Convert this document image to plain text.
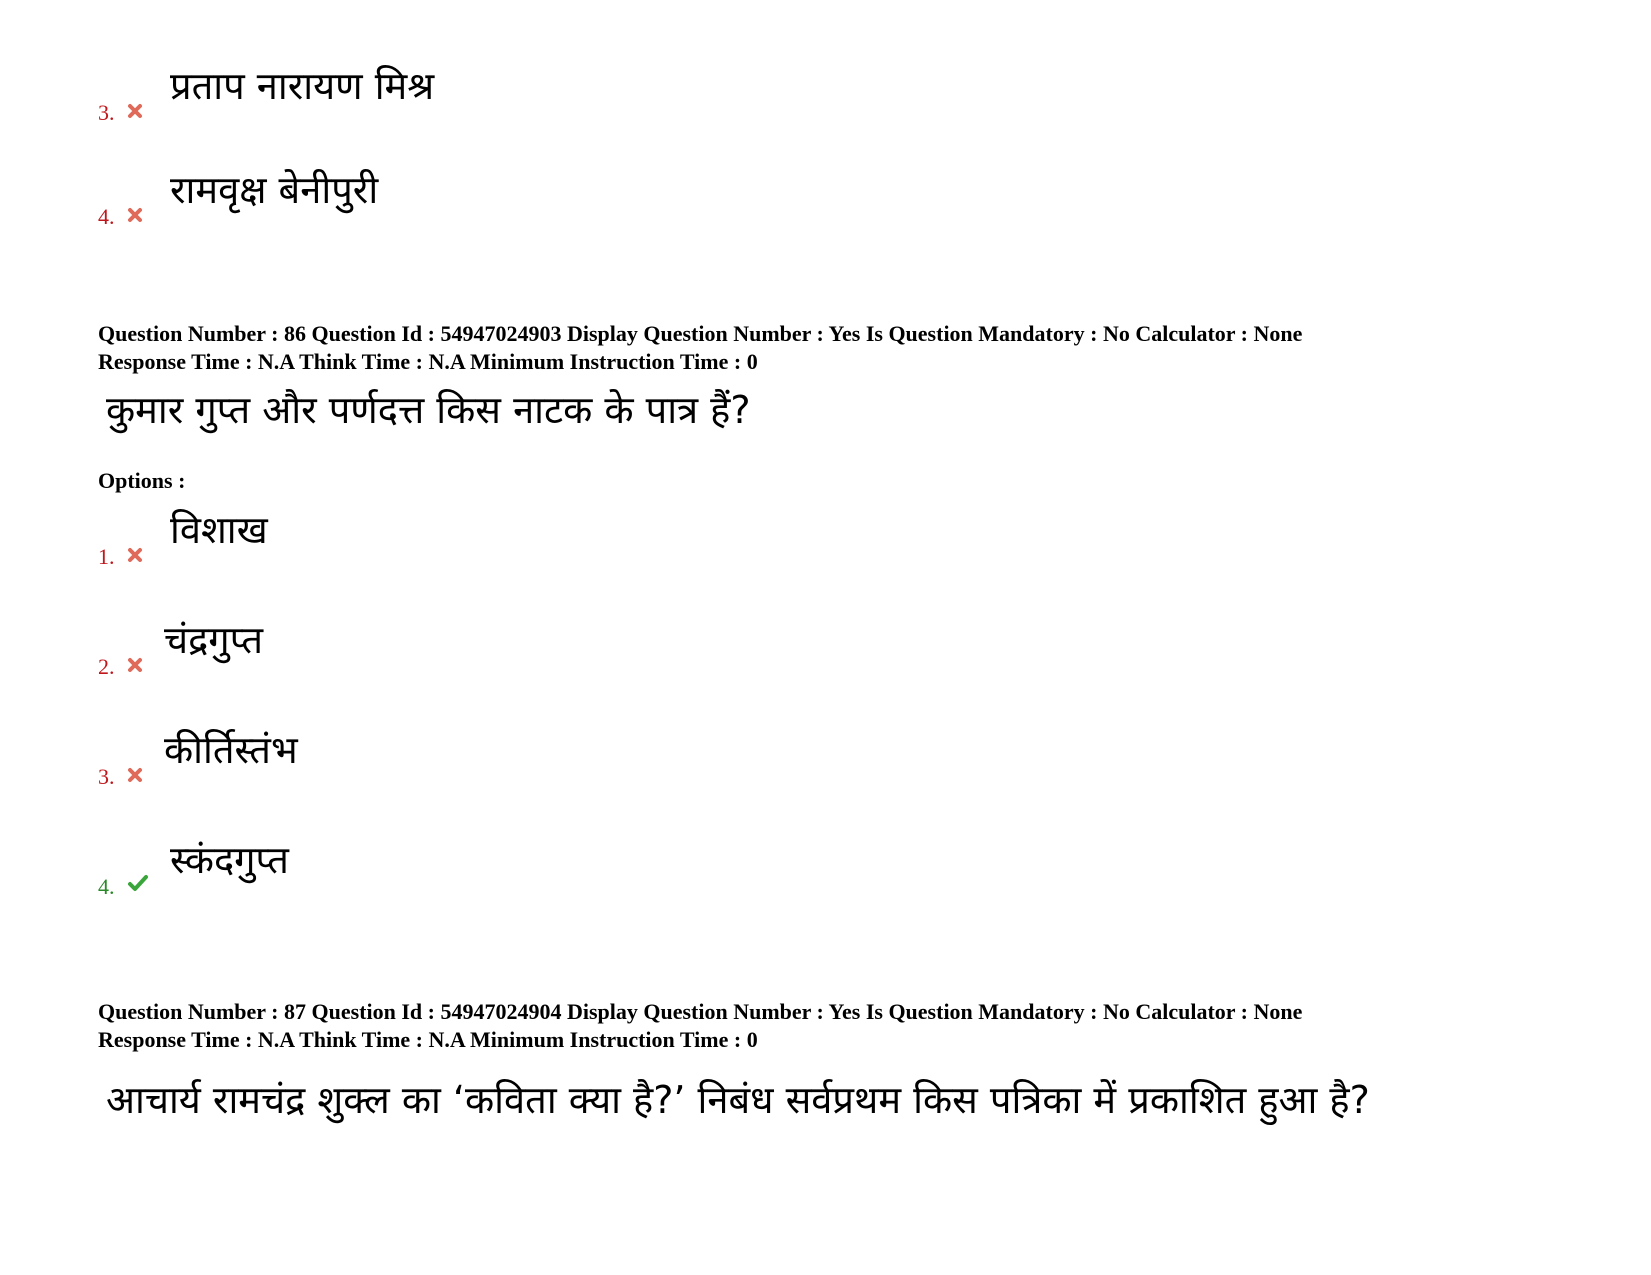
3.
प्रताप नारायण मिश्र
4.
रामवृक्ष बेनीपुरी
Question Number : 86 Question Id : 54947024903 Display Question Number : Yes Is Question Mandatory : No Calculator : None
Response Time : N.A Think Time : N.A Minimum Instruction Time : 0
कुमार गुप्त और पर्णदत्त किस नाटक के पात्र हैं?
Options :
1.
विशाख
2.
चंद्रगुप्त
3.
कीर्तिस्तंभ
4.
स्कंदगुप्त
Question Number : 87 Question Id : 54947024904 Display Question Number : Yes Is Question Mandatory : No Calculator : None
Response Time : N.A Think Time : N.A Minimum Instruction Time : 0
आचार्य रामचंद्र शुक्ल का ‘कविता क्या है?’ निबंध सर्वप्रथम किस पत्रिका में प्रकाशित हुआ है?
